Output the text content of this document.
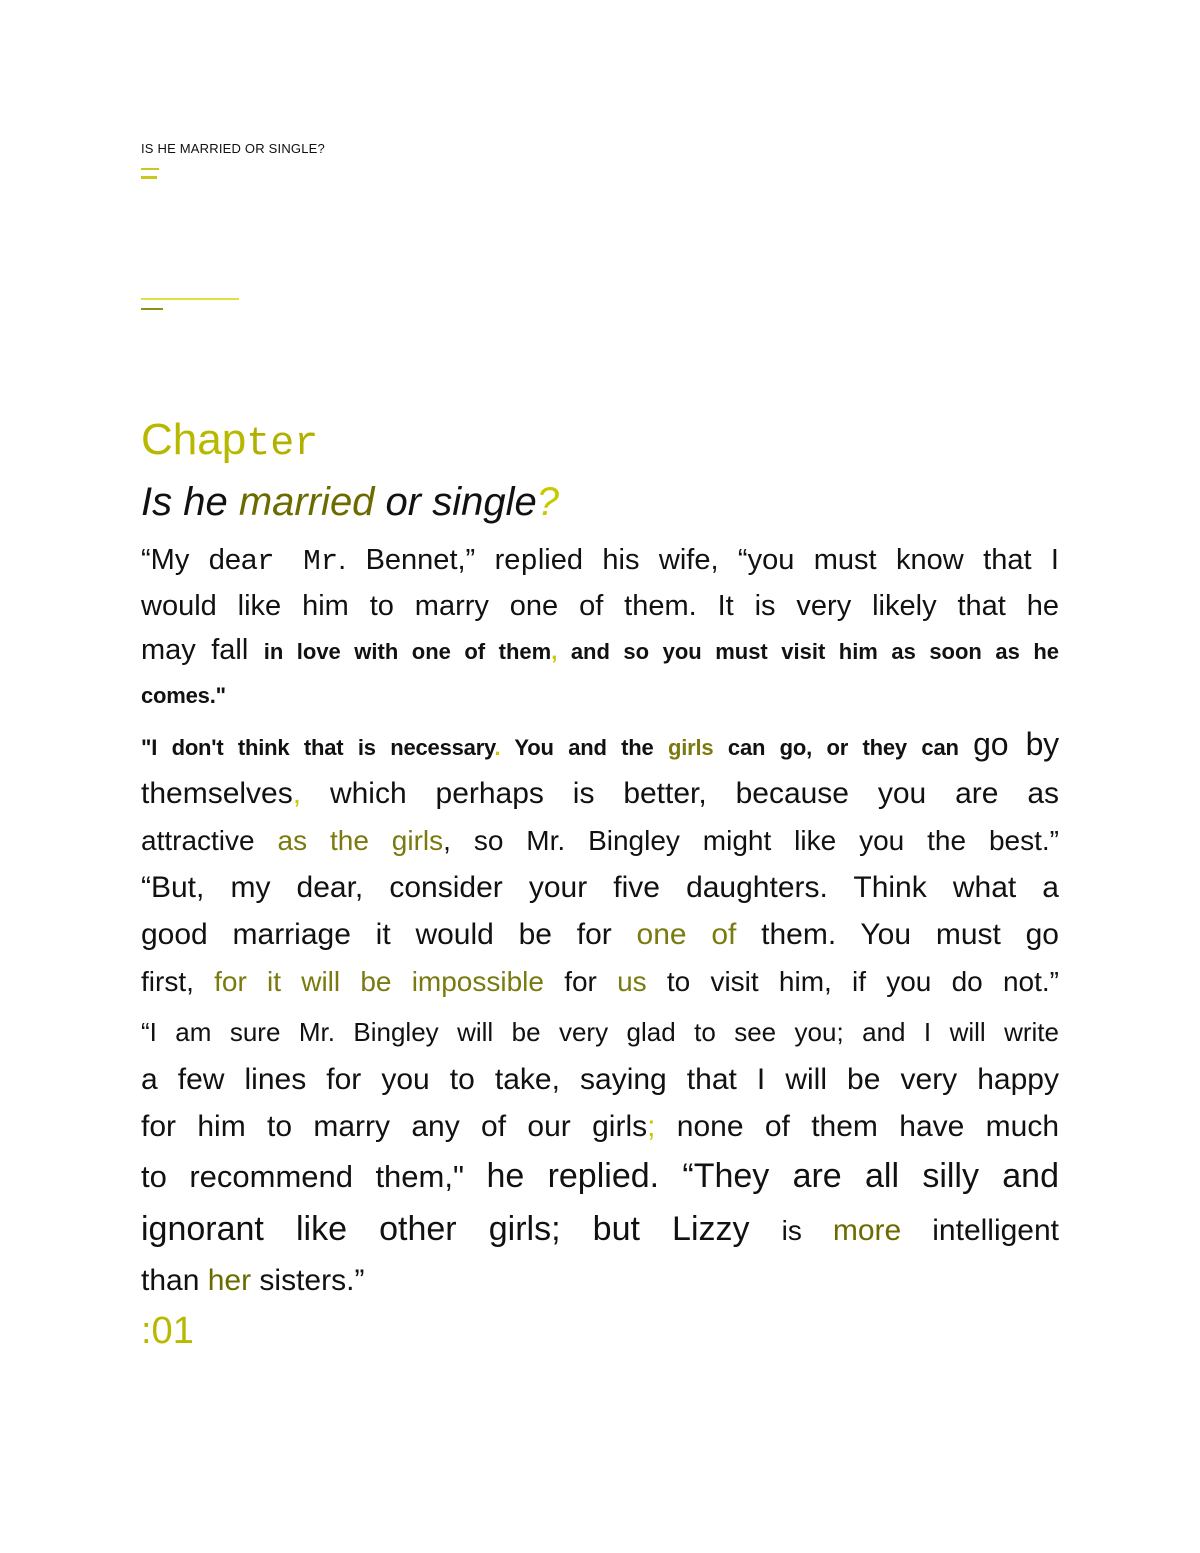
IS HE MARRIED OR SINGLE?
Chapter
Is he married or single?
“My dear Mr. Bennet,” replied his wife, “you must know that I
would like him to marry one of them. It is very likely that he
may fall in love with one of them, and so you must visit him as soon as he
comes."
"I don't think that is necessary. You and the girls can go, or they can go by
themselves, which perhaps is better, because you are as
attractive as the girls, so Mr. Bingley might like you the best.”
“But, my dear, consider your five daughters. Think what a
good marriage it would be for one of them. You must go
first, for it will be impossible for us to visit him, if you do not.”
“I am sure Mr. Bingley will be very glad to see you; and I will write
a few lines for you to take, saying that I will be very happy
for him to marry any of our girls; none of them have much
to recommend them," he replied. “They are all silly and
ignorant like other girls; but Lizzy is more intelligent
than her sisters.”
:01
